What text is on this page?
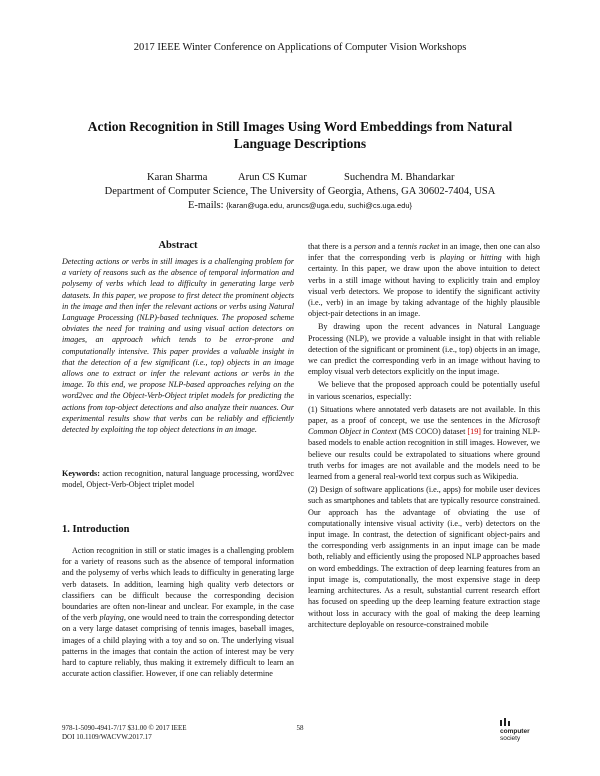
2017 IEEE Winter Conference on Applications of Computer Vision Workshops
Action Recognition in Still Images Using Word Embeddings from Natural
Language Descriptions
Karan Sharma	Arun CS Kumar	Suchendra M. Bhandarkar
Department of Computer Science, The University of Georgia, Athens, GA 30602-7404, USA
E-mails: {karan@uga.edu, aruncs@uga.edu, suchi@cs.uga.edu}
Abstract
Detecting actions or verbs in still images is a challenging problem for a variety of reasons such as the absence of temporal information and polysemy of verbs which lead to difficulty in generating large verb datasets. In this paper, we propose to first detect the prominent objects in the image and then infer the relevant actions or verbs using Natural Language Processing (NLP)-based techniques. The proposed scheme obviates the need for training and using visual action detectors on images, an approach which tends to be error-prone and computationally intensive. This paper provides a valuable insight in that the detection of a few significant (i.e., top) objects in an image allows one to extract or infer the relevant actions or verbs in the image. To this end, we propose NLP-based approaches relying on the word2vec and the Object-Verb-Object triplet models for predicting the actions from top-object detections and also analyze their nuances. Our experimental results show that verbs can be reliably and efficiently detected by exploiting the top object detections in an image.
Keywords: action recognition, natural language processing, word2vec model, Object-Verb-Object triplet model
1. Introduction
Action recognition in still or static images is a challenging problem for a variety of reasons such as the absence of temporal information and the polysemy of verbs which leads to difficulty in generating large verb datasets. In addition, learning high quality verb detectors or classifiers can be difficult because the corresponding decision boundaries are often non-linear and unclear. For example, in the case of the verb playing, one would need to train the corresponding detector on a very large dataset comprising of tennis images, baseball images, images of a child playing with a toy and so on. The underlying visual patterns in the images that contain the action of interest may be very hard to capture reliably, thus making it extremely difficult to learn an accurate action classifier. However, if one can reliably determine

that there is a person and a tennis racket in an image, then one can also infer that the corresponding verb is playing or hitting with high certainty. In this paper, we draw upon the above intuition to detect verbs in a still image without having to explicitly train and employ visual verb detectors. We propose to identify the significant activity (i.e., verb) in an image by taking advantage of the highly plausible object-pair detections in an image.

By drawing upon the recent advances in Natural Language Processing (NLP), we provide a valuable insight in that with reliable detection of the significant or prominent (i.e., top) objects in an image, we can predict the corresponding verb in an image without having to employ visual verb detectors explicitly on the input image.

We believe that the proposed approach could be potentially useful in various scenarios, especially:

(1) Situations where annotated verb datasets are not available. In this paper, as a proof of concept, we use the sentences in the Microsoft Common Object in Context (MS COCO) dataset [19] for training NLP-based models to enable action recognition in still images. However, we believe our results could be extrapolated to situations where ground truth verbs for images are not available and the models need to be learned from a general real-world text corpus such as Wikipedia.

(2) Design of software applications (i.e., apps) for mobile user devices such as smartphones and tablets that are typically resource constrained. Our approach has the advantage of obviating the use of computationally intensive visual activity (i.e., verb) detectors on the input image. In contrast, the detection of significant object-pairs and the corresponding verb assignments in an input image can be made both, reliably and efficiently using the proposed NLP approaches based on word embeddings. The extraction of deep learning features from an input image is, computationally, the most expensive stage in deep learning architectures. As a result, substantial current research effort has focused on speeding up the deep learning feature extraction stage without loss in accuracy with the goal of making the deep learning architecture deployable on resource-constrained mobile

978-1-5090-4941-7/17 $31.00 © 2017 IEEE
DOI 10.1109/WACVW.2017.17
58	computer
society
